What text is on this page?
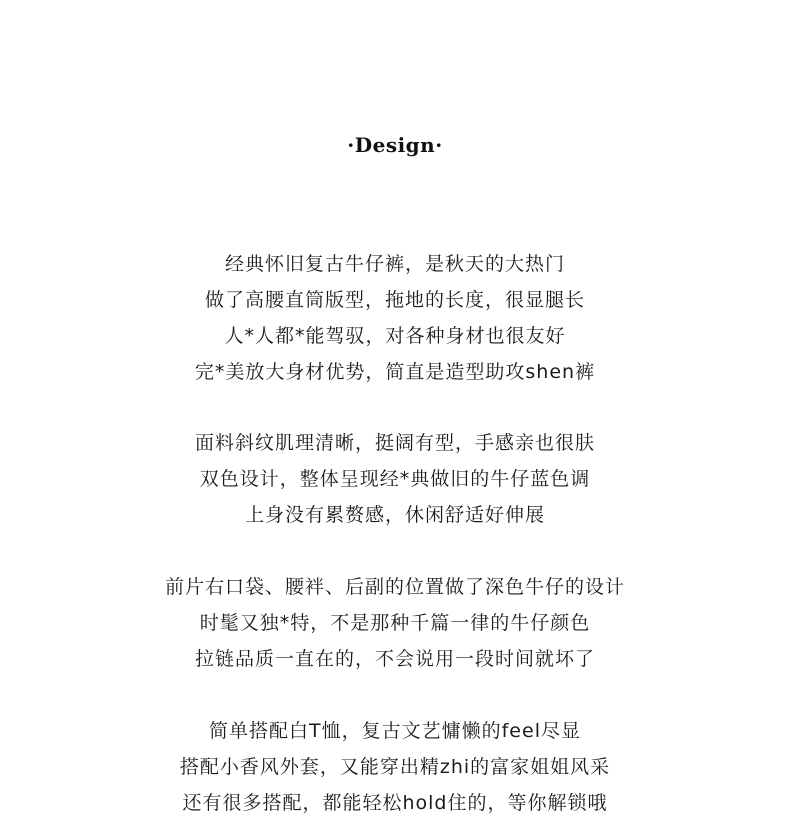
·Design·
经典怀旧复古牛仔裤，是秋天的大热门
做了高腰直筒版型，拖地的长度，很显腿长
人*人都*能驾驭，对各种身材也很友好
完*美放大身材优势，简直是造型助攻shen裤
面料斜纹肌理清晰，挺阔有型，手感亲也很肤
双色设计，整体呈现经*典做旧的牛仔蓝色调
上身没有累赘感，休闲舒适好伸展
前片右口袋、腰袢、后副的位置做了深色牛仔的设计
时髦又独*特，不是那种千篇一律的牛仔颜色
拉链品质一直在的，不会说用一段时间就坏了
简单搭配白T恤，复古文艺慵懒的feel尽显
搭配小香风外套，又能穿出精zhi的富家姐姐风采
还有很多搭配，都能轻松hold住的，等你解锁哦
